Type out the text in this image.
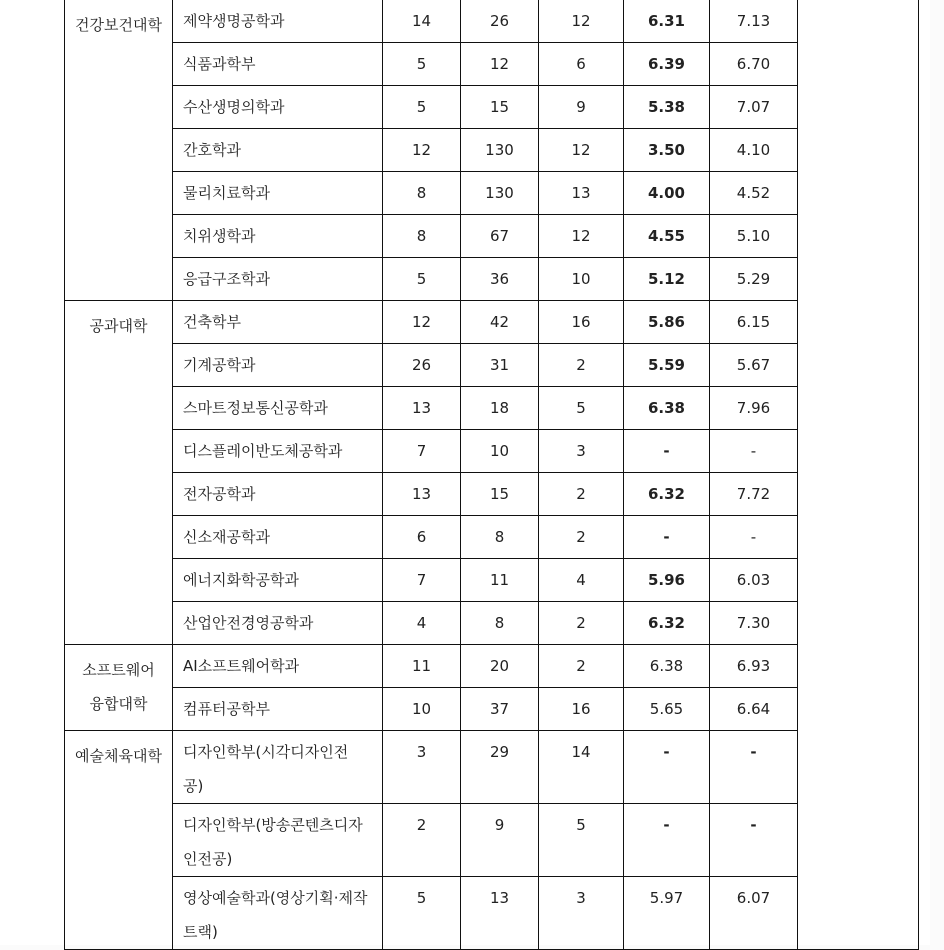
건강보건대학	제약생명공학과	14	26	12	6.31	7.13	
	식품과학부	5	12	6	6.39	6.70	
	수산생명의학과	5	15	9	5.38	7.07	
	간호학과	12	130	12	3.50	4.10	
	물리치료학과	8	130	13	4.00	4.52	
	치위생학과	8	67	12	4.55	5.10	
	응급구조학과	5	36	10	5.12	5.29	
공과대학	건축학부	12	42	16	5.86	6.15	
	기계공학과	26	31	2	5.59	5.67	
	스마트정보통신공학과	13	18	5	6.38	7.96	
	디스플레이반도체공학과	7	10	3	-	-	
	전자공학과	13	15	2	6.32	7.72	
	신소재공학과	6	8	2	-	-	
	에너지화학공학과	7	11	4	5.96	6.03	
	산업안전경영공학과	4	8	2	6.32	7.30	
소프트웨어융합대학	AI소프트웨어학과	11	20	2	6.38	6.93	
	컴퓨터공학부	10	37	16	5.65	6.64	
예술체육대학	디자인학부(시각디자인전공)	3	29	14	-	-	
	디자인학부(방송콘텐츠디자인전공)	2	9	5	-	-	
	영상예술학과(영상기획·제작트랙)	5	13	3	5.97	6.07	
